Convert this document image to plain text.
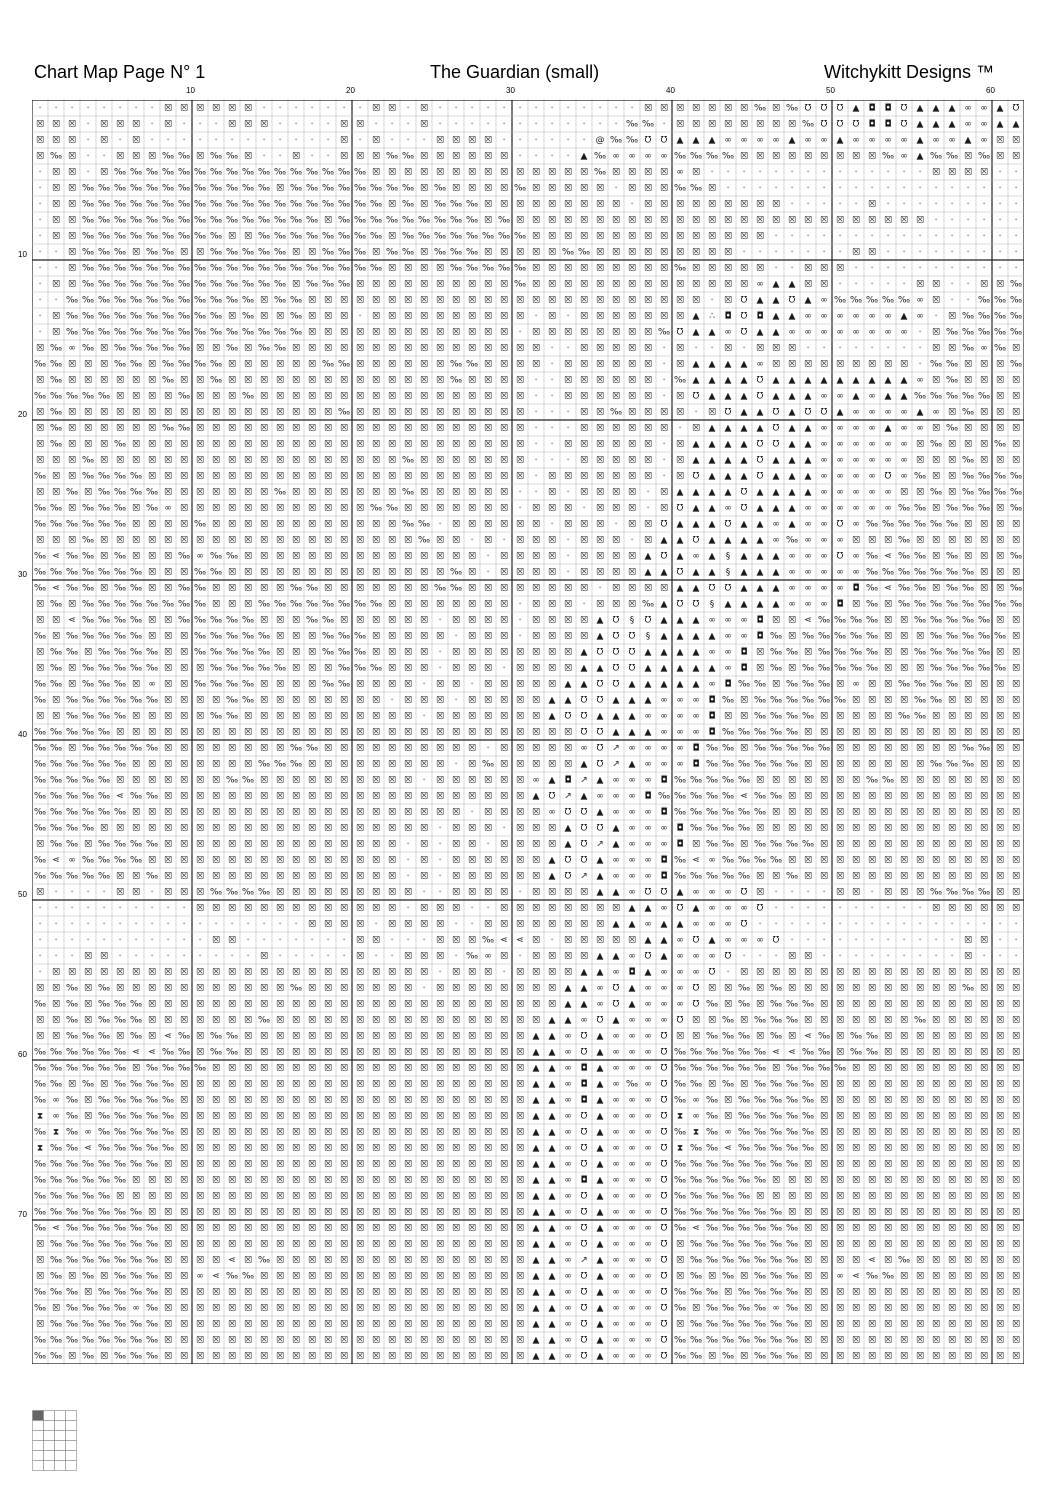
Chart Map Page N° 1	The Guardian (small)	Witchykitt Designs ™
10	20	30	40	50	60
10
20
30
40
50
60
70
· · · · · · · · ☒ ☒ ☒ ☒ ☒ ☒ · · · · · · · ☒ ☒ · ☒ · · · · · · · · · · · · · ☒ ☒ ☒ ☒ ☒ ☒ ☒ ‰ ☒ ‰ ℧ ℧ ℧ ▲ ◘ ◘ ℧ ▲ ▲ ▲ ∞ ∞ ▲ ℧
☒ ☒ ☒ · ☒ ☒ ☒ · ☒ · · · ☒ ☒ ☒ · · · · ☒ ☒ · · · ☒ · · · · · · · · · · · · ‰ ‰ · ☒ ☒ ☒ ☒ ☒ ☒ ☒ ☒ ‰ ℧ ℧ ℧ ◘ ◘ ℧ ▲ ▲ ▲ ∞ ∞ ▲ ▲
☒ ☒ ☒ · ☒ · ☒ · · · · · · · · · · · · ☒ · ☒ · · · ☒ ☒ ☒ ☒ · · · · · · @ ‰ ‰ ℧ ℧ ▲ ▲ ▲ ∞ ∞ ∞ ∞ ▲ ∞ ∞ ▲ ∞ ∞ ∞ ∞ ▲ ∞ ∞ ▲ ∞ ☒ ☒
☒ ‰ ☒ · · ☒ ☒ ☒ ‰ ‰ ☒ ‰ ‰ ☒ · · ☒ · · ☒ ☒ ☒ ‰ ‰ ☒ ☒ ☒ ☒ ☒ ☒ · · · · ▲ ‰ ∞ ∞ ∞ ∞ ‰ ‰ ‰ ‰ ☒ ☒ ☒ ☒ ☒ ☒ ☒ ☒ ☒ ‰ ∞ ▲ ‰ ‰ ☒ ‰ ☒ ☒
· ☒ ☒ · ☒ ‰ ‰ ‰ ‰ ‰ ‰ ‰ ‰ ‰ ‰ ‰ ‰ ‰ ‰ ‰ ‰ ☒ ☒ ☒ ☒ ☒ ☒ ☒ ☒ ☒ ☒ ☒ ☒ ☒ ☒ ‰ ☒ ☒ ☒ ☒ ∞ ☒ · · · · · · · · · · · · · · ☒ ☒ ☒ ☒ · ·
· ☒ ☒ ‰ ‰ ‰ ‰ ‰ ‰ ‰ ‰ ‰ ‰ ‰ ‰ ☒ ‰ ‰ ‰ ‰ ‰ ‰ ‰ ‰ ☒ ‰ ☒ ☒ ☒ ☒ ‰ ☒ ☒ ☒ ☒ ☒ · ☒ ☒ ☒ ‰ ‰ ☒ · · · · · · · · · · · · · · · · · · ·
· ☒ ☒ ‰ ‰ ‰ ‰ ‰ ‰ ‰ ‰ ‰ ‰ ‰ ‰ ‰ ‰ ‰ ‰ ‰ ‰ ‰ ☒ ‰ ☒ ‰ ‰ ‰ ☒ ☒ ☒ ☒ ☒ ☒ ☒ ☒ ☒ · ☒ ☒ ☒ ☒ ☒ ☒ ☒ ☒ ☒ · · · · · ☒ · · · · · · · · ·
· ☒ ☒ ‰ ‰ ‰ ‰ ‰ ‰ ‰ ‰ ‰ ‰ ‰ ‰ ‰ ‰ ‰ ☒ ‰ ‰ ‰ ‰ ‰ ‰ ‰ ‰ ‰ ☒ ‰ ☒ ☒ ☒ ☒ ☒ ☒ ☒ ☒ ☒ ☒ ☒ ☒ ☒ ☒ ☒ ☒ ☒ ☒ ☒ ☒ ☒ ☒ ☒ ☒ ☒ ☒ · · · · · ·
· ☒ ☒ ‰ ‰ ‰ ‰ ‰ ‰ ‰ ‰ ‰ ☒ ☒ ‰ ‰ ‰ ‰ ‰ ‰ ‰ ‰ ☒ ‰ ‰ ‰ ‰ ‰ ‰ ‰ ‰ ☒ ☒ ☒ ☒ ☒ ☒ ☒ ☒ ☒ ☒ ☒ ☒ ☒ ☒ ☒ · · · · · · · · · · · · · · · ·
· · ☒ ‰ ‰ ‰ ☒ ‰ ‰ ☒ ☒ ‰ ‰ ‰ ‰ ‰ ☒ ☒ ‰ ‰ ‰ ☒ ‰ ‰ ☒ ‰ ‰ ‰ ☒ ☒ ☒ ☒ ☒ ‰ ‰ ☒ ☒ ☒ ☒ ☒ ☒ ☒ ☒ ☒ · · · · · · · ☒ ☒ · · · · · · · · ·
· · ☒ ‰ ‰ ‰ ‰ ‰ ‰ ‰ ‰ ‰ ‰ ‰ ‰ ‰ ‰ ‰ ‰ ‰ ‰ ‰ ☒ ☒ ☒ ☒ ‰ ‰ ‰ ‰ ‰ ☒ ☒ ☒ ☒ ☒ ☒ ☒ ☒ ☒ ‰ ☒ ☒ ☒ ☒ ☒ · · ☒ ☒ ☒ · · · · · · · · · · ·
· ☒ ☒ ‰ ‰ ‰ ‰ ‰ ‰ ‰ ‰ ‰ ‰ ‰ ‰ ‰ ☒ ‰ ‰ ‰ ☒ ☒ ☒ ☒ ☒ ☒ ☒ ☒ ☒ ☒ ‰ ☒ ☒ ☒ ☒ ☒ ☒ ☒ ☒ ☒ ☒ ☒ ☒ ☒ ☒ ∞ ▲ ▲ ☒ ☒ · · · · · ☒ ☒ · · ☒ ☒ ‰
· · ‰ ‰ ‰ ‰ ‰ ‰ ‰ ‰ ‰ ‰ ‰ ‰ ☒ ‰ ‰ ☒ ☒ ☒ ☒ ☒ ☒ ☒ ☒ ☒ ☒ ☒ ☒ ☒ ☒ ☒ ☒ ☒ ☒ ☒ ☒ ☒ ☒ ☒ ☒ ☒ · ☒ ℧ ▲ ▲ ℧ ▲ ∞ ‰ ‰ ‰ ‰ ‰ ∞ ☒ · · ‰ ‰ ‰
· ☒ ‰ ‰ ‰ ‰ ‰ ‰ ‰ ‰ ‰ ‰ ☒ ‰ ☒ ☒ ‰ ☒ ☒ ☒ · ☒ ☒ ☒ ☒ ☒ ☒ ☒ ☒ ☒ ☒ · ☒ · ☒ ☒ ☒ ☒ ☒ ☒ ☒ ▲ ∴ ◘ ℧ ◘ ▲ ▲ ∞ ∞ ∞ ∞ ∞ ∞ ▲ ∞ · ☒ ‰ ‰ ‰ ‰
· ☒ ‰ ‰ ‰ ‰ ‰ ‰ ‰ ‰ ‰ ‰ ‰ ‰ ‰ ‰ ‰ ☒ ☒ ☒ ☒ ☒ ☒ ☒ ☒ ☒ ☒ ☒ ☒ ☒ · ☒ ☒ ☒ ☒ ☒ ☒ ☒ ☒ ‰ ℧ ▲ ▲ ∞ ℧ ▲ ▲ ∞ ∞ ∞ ∞ ∞ ∞ ∞ ∞ · ☒ ‰ ‰ ‰ ‰ ‰
☒ ‰ ∞ ‰ ☒ ‰ ‰ ‰ ‰ ‰ ☒ ☒ ‰ ☒ ‰ ‰ ☒ ☒ ☒ ☒ ☒ ☒ ☒ ☒ ☒ ☒ ☒ ☒ ☒ ☒ ☒ ☒ · · ☒ ☒ ☒ ☒ ☒ · ☒ · · ☒ · ☒ ☒ ☒ · · · · · · · · ☒ ☒ ‰ ∞ ‰ ☒
‰ ‰ ☒ ☒ ☒ ‰ ‰ ☒ ‰ ‰ ‰ ‰ ☒ ☒ ☒ ☒ ☒ ☒ ‰ ‰ ☒ ☒ ☒ ☒ ☒ ☒ ‰ ‰ ☒ ☒ ☒ ☒ · ☒ ☒ ☒ ☒ ☒ ☒ · ☒ ▲ ▲ ▲ ▲ ∞ ☒ ☒ ☒ ☒ ☒ ☒ ☒ ☒ ☒ · ‰ ‰ ☒ ☒ ☒ ‰
☒ ‰ ☒ ☒ ☒ ☒ ☒ ☒ ‰ ☒ ☒ ‰ ☒ ☒ ☒ ☒ ☒ ☒ ☒ ☒ ☒ ☒ ☒ ☒ ☒ ☒ ‰ ☒ ☒ ☒ ☒ · · ☒ ☒ ☒ ☒ ☒ ☒ · ‰ ▲ ▲ ▲ ▲ ℧ ▲ ▲ ▲ ▲ ▲ ▲ ▲ ▲ ▲ ∞ ☒ ‰ ☒ ☒ ☒ ☒
‰ ‰ ‰ ‰ ‰ ☒ ☒ ☒ ☒ ‰ ☒ ☒ ☒ ‰ ☒ ☒ ☒ ☒ ☒ ☒ ☒ ☒ ☒ ☒ ☒ ☒ ☒ ☒ ☒ ☒ ☒ · · ☒ ☒ ☒ ☒ ☒ ☒ · ☒ ℧ ▲ ▲ ▲ ℧ ▲ ▲ ▲ ∞ ∞ ▲ ∞ ▲ ▲ ‰ ‰ ‰ ‰ ‰ ☒ ☒
☒ ‰ ☒ ☒ ☒ ☒ ☒ ☒ ☒ ☒ ☒ ☒ ☒ ☒ ☒ ☒ ☒ ☒ ☒ ‰ ☒ ☒ ☒ ☒ ☒ ☒ ☒ ☒ ☒ ☒ ☒ · · · ☒ ☒ ‰ ☒ ☒ ☒ ☒ · ☒ ℧ ▲ ▲ ℧ ▲ ℧ ℧ ▲ ∞ ∞ ∞ ∞ ▲ ∞ ☒ ‰ ☒ ☒ ☒
☒ ‰ ☒ ☒ ☒ ☒ ☒ ☒ ‰ ‰ ☒ ☒ ☒ ☒ ☒ ☒ ☒ ☒ ☒ ☒ ☒ ☒ ☒ ☒ ☒ ☒ ☒ ☒ ☒ ☒ ☒ · · · ☒ ☒ ☒ ☒ ☒ ☒ · ☒ ▲ ▲ ▲ ▲ ℧ ▲ ▲ ∞ ∞ ∞ ∞ ▲ ∞ ∞ ☒ ‰ ☒ ☒ ☒ ☒
☒ ‰ ☒ ☒ ☒ ‰ ☒ ☒ ☒ ☒ ☒ ☒ ☒ ☒ ☒ ☒ ☒ ☒ ☒ ☒ ☒ ☒ ☒ ☒ ☒ ☒ ☒ ☒ ☒ ☒ ☒ · · ☒ ☒ ☒ ☒ ☒ ☒ · ☒ ▲ ▲ ▲ ▲ ℧ ℧ ▲ ▲ ∞ ∞ ∞ ∞ ∞ ∞ ☒ ‰ ☒ ☒ ☒ ‰ ☒
☒ ☒ ☒ ‰ ☒ ☒ ☒ ☒ ☒ ☒ ☒ ☒ ☒ ☒ ☒ ☒ ☒ ☒ ☒ ☒ ☒ ☒ ☒ ‰ ☒ ☒ ☒ ☒ ☒ ☒ ☒ · · · ☒ ☒ ☒ ☒ ☒ · ☒ ▲ ▲ ▲ ▲ ℧ ▲ ▲ ▲ ∞ ∞ ∞ ∞ ∞ ∞ ☒ ☒ ☒ ‰ ☒ ☒ ☒
‰ ☒ ☒ ‰ ‰ ‰ ‰ ☒ ☒ ☒ ☒ ☒ ☒ ☒ ☒ ☒ ☒ ☒ ☒ ☒ ☒ ☒ ☒ ☒ ☒ ☒ ☒ ☒ ☒ ☒ ☒ · ☒ ☒ ☒ ☒ ☒ ☒ ☒ · ☒ ℧ ▲ ▲ ▲ ℧ ▲ ▲ ▲ ∞ ∞ ∞ ∞ ℧ ∞ ‰ ☒ ☒ ‰ ‰ ‰ ‰
☒ ☒ ‰ ☒ ‰ ‰ ‰ ‰ ☒ ☒ ☒ ☒ ☒ ☒ ☒ ‰ ☒ ☒ ☒ ☒ ☒ ☒ ☒ ‰ ☒ ☒ ☒ ☒ ☒ ☒ · · ☒ · ☒ ☒ ☒ ☒ · ☒ ▲ ▲ ▲ ▲ ℧ ▲ ▲ ▲ ▲ ∞ ∞ ∞ ∞ ∞ ☒ ☒ ‰ ☒ ‰ ‰ ‰ ‰
‰ ‰ ☒ ‰ ‰ ‰ ☒ ‰ ∞ ☒ ☒ ☒ ☒ ☒ ☒ ☒ ☒ ☒ ☒ ☒ ☒ ‰ ‰ ☒ ☒ ☒ ☒ ☒ ☒ ☒ · ☒ ☒ ☒ · ☒ ☒ ☒ · ☒ ℧ ▲ ▲ ∞ ℧ ▲ ▲ ▲ ∞ ∞ ∞ ∞ ∞ ∞ ‰ ‰ ☒ ‰ ‰ ‰ ☒ ‰
‰ ‰ ‰ ‰ ‰ ‰ ☒ ☒ ☒ ☒ ‰ ☒ ☒ ☒ ☒ ☒ ☒ ☒ ☒ ☒ ☒ ☒ ☒ ‰ ‰ · ☒ ☒ ☒ ☒ ☒ ☒ · ☒ ☒ ☒ · ☒ ☒ ℧ ▲ ▲ ▲ ℧ ▲ ▲ ∞ ▲ ∞ ∞ ℧ ∞ ‰ ‰ ‰ ‰ ‰ ‰ ☒ ☒ ☒ ☒
☒ ☒ ☒ ‰ ☒ ☒ ☒ ☒ ☒ ☒ ☒ ☒ ☒ ☒ ☒ ☒ ☒ ☒ ☒ ☒ ☒ ☒ ☒ ☒ ‰ ☒ ☒ · ☒ · ☒ ☒ ☒ · ☒ ☒ ☒ · ☒ ▲ ▲ ℧ ▲ ▲ ▲ ▲ ∞ ‰ ∞ ∞ ∞ ☒ ☒ ☒ ‰ ☒ ☒ ☒ ☒ ☒ ☒ ☒
‰ ⋖ ‰ ‰ ☒ ‰ ☒ ☒ ☒ ‰ ∞ ‰ ‰ ☒ ☒ ☒ ☒ ☒ ☒ ☒ ☒ ☒ ☒ ☒ ☒ ☒ ☒ ☒ · ☒ ☒ ☒ ☒ · ☒ ☒ ☒ ☒ ▲ ℧ ▲ ∞ ▲ § ▲ ▲ ▲ ∞ ∞ ∞ ℧ ∞ ‰ ⋖ ‰ ‰ ☒ ‰ ☒ ☒ ☒ ‰
‰ ‰ ‰ ‰ ‰ ‰ ‰ ☒ ☒ ☒ ‰ ‰ ☒ ☒ ☒ ☒ ☒ ☒ ☒ ☒ ☒ ☒ ☒ ☒ ☒ ☒ ‰ ☒ · ☒ ☒ ☒ ☒ · ☒ ☒ ☒ ☒ ▲ ▲ ℧ ▲ ▲ § ▲ ▲ ▲ ∞ ∞ ∞ ∞ ∞ ‰ ‰ ‰ ‰ ‰ ‰ ‰ ☒ ☒ ☒
‰ ⋖ ‰ ‰ ☒ ‰ ‰ ☒ ☒ ‰ ‰ ☒ ☒ ☒ ☒ ☒ ‰ ‰ ☒ ☒ ☒ ☒ ☒ ☒ ☒ ‰ ‰ ☒ ☒ ☒ ☒ ☒ ☒ ☒ ☒ · ☒ ☒ ☒ ☒ ▲ ▲ ℧ ℧ ▲ ▲ ▲ ∞ ∞ ∞ ∞ ◘ ‰ ⋖ ‰ ‰ ☒ ‰ ‰ ☒ ☒ ‰
☒ ‰ ☒ ‰ ‰ ‰ ‰ ‰ ‰ ‰ ‰ ☒ ☒ ☒ ‰ ‰ ‰ ‰ ‰ ‰ ‰ ‰ ☒ ☒ ☒ ☒ ☒ ☒ ☒ ☒ · ☒ ☒ ☒ · ☒ ☒ ☒ ‰ ▲ ℧ ℧ § ▲ ▲ ▲ ▲ ∞ ∞ ∞ ◘ ☒ ‰ ☒ ‰ ‰ ‰ ‰ ‰ ‰ ‰ ‰
☒ ☒ ⋖ ‰ ‰ ‰ ‰ ☒ ☒ ‰ ‰ ‰ ‰ ‰ ☒ ☒ ☒ ‰ ‰ ☒ ☒ ☒ ☒ ☒ ☒ · ☒ ☒ ☒ ☒ · ☒ ☒ ☒ ☒ ▲ ℧ § ℧ ▲ ▲ ▲ ∞ ∞ ∞ ◘ ☒ ☒ ⋖ ‰ ‰ ‰ ‰ ☒ ☒ ‰ ‰ ‰ ‰ ‰ ☒ ☒
‰ ☒ ‰ ‰ ‰ ‰ ‰ ☒ ☒ ☒ ‰ ‰ ‰ ‰ ‰ ☒ ☒ ☒ ‰ ‰ ‰ ☒ ☒ ☒ ☒ ☒ · ☒ ☒ ☒ · ☒ ☒ ☒ ☒ ▲ ℧ ℧ § ▲ ▲ ▲ ▲ ∞ ∞ ◘ ‰ ☒ ‰ ‰ ‰ ‰ ‰ ☒ ☒ ☒ ‰ ‰ ‰ ‰ ‰ ☒
☒ ‰ ‰ ☒ ‰ ‰ ‰ ‰ ☒ ☒ ‰ ‰ ‰ ‰ ‰ ☒ ☒ ☒ ‰ ‰ ‰ ☒ ☒ ☒ ☒ · ☒ ☒ ☒ ☒ ☒ ☒ ☒ ☒ ▲ ℧ ℧ ℧ ▲ ▲ ▲ ▲ ∞ ∞ ◘ ☒ ‰ ‰ ☒ ‰ ‰ ‰ ‰ ☒ ☒ ‰ ‰ ‰ ‰ ‰ ☒ ☒
☒ ‰ ☒ ‰ ‰ ‰ ‰ ‰ ☒ ☒ ☒ ‰ ‰ ‰ ‰ ‰ ☒ ☒ ☒ ‰ ‰ ‰ ☒ ☒ ☒ · ☒ ☒ ☒ · ☒ ☒ ☒ ☒ ▲ ▲ ℧ ℧ ▲ ▲ ▲ ▲ ▲ ∞ ◘ ☒ ‰ ☒ ‰ ‰ ‰ ‰ ‰ ☒ ☒ ☒ ‰ ‰ ‰ ‰ ‰ ☒
‰ ‰ ☒ ‰ ‰ ‰ ☒ ∞ ☒ ☒ ‰ ‰ ‰ ‰ ☒ ☒ ☒ ☒ ‰ ‰ ☒ ☒ ☒ ☒ · ☒ ☒ · ☒ ☒ ☒ ☒ ☒ ▲ ▲ ℧ ℧ ▲ ▲ ▲ ▲ ▲ ∞ ◘ ‰ ‰ ☒ ‰ ‰ ‰ ☒ ∞ ☒ ☒ ‰ ‰ ‰ ‰ ☒ ☒ ☒ ☒
‰ ☒ ‰ ‰ ‰ ‰ ‰ ‰ ☒ ☒ ☒ ☒ ‰ ‰ ☒ ☒ ☒ ☒ ☒ ☒ ☒ ☒ · ☒ ☒ ☒ · ☒ ☒ ☒ ☒ ☒ ▲ ▲ ℧ ℧ ▲ ▲ ▲ ∞ ∞ ∞ ◘ ‰ ☒ ‰ ‰ ‰ ‰ ‰ ‰ ☒ ☒ ☒ ☒ ‰ ‰ ☒ ☒ ☒ ☒ ☒
☒ ☒ ‰ ‰ ‰ ‰ ☒ ☒ ☒ ☒ ☒ ‰ ‰ ☒ ☒ ☒ ☒ ☒ ☒ ☒ ☒ ☒ ☒ ☒ · ☒ ☒ ☒ ☒ ☒ ☒ ☒ ▲ ℧ ℧ ▲ ▲ ▲ ∞ ∞ ∞ ∞ ◘ ☒ ☒ ‰ ‰ ‰ ‰ ☒ ☒ ☒ ☒ ☒ ‰ ‰ ☒ ☒ ☒ ☒ ☒ ☒
‰ ‰ ‰ ‰ ‰ ☒ ☒ ☒ ☒ ☒ ☒ ☒ ☒ ☒ ☒ ☒ ☒ ☒ ☒ ☒ ☒ ☒ ☒ ☒ ☒ ☒ ☒ ☒ ☒ ☒ ☒ ☒ ☒ ☒ ℧ ℧ ▲ ▲ ▲ ∞ ∞ ∞ ◘ ‰ ‰ ‰ ‰ ‰ ☒ ☒ ☒ ☒ ☒ ☒ ☒ ☒ ☒ ☒ ☒ ☒ ☒ ☒
‰ ‰ ☒ ‰ ‰ ‰ ‰ ‰ ☒ ☒ ☒ ☒ ☒ ☒ ☒ ☒ ‰ ‰ ☒ ☒ ☒ ☒ ☒ ☒ ☒ ☒ ☒ ☒ · ☒ ☒ ☒ ☒ ☒ ∞ ℧ ↗ ∞ ∞ ∞ ∞ ◘ ‰ ‰ ☒ ‰ ‰ ‰ ‰ ‰ ☒ ☒ ☒ ☒ ☒ ☒ ☒ ☒ ‰ ‰ ☒ ☒
‰ ‰ ‰ ‰ ‰ ‰ ☒ ☒ ☒ ☒ ☒ ☒ ☒ ☒ ‰ ‰ ‰ ☒ ☒ ☒ ☒ ☒ ☒ ☒ ☒ ☒ · ☒ ‰ ☒ ☒ ☒ ☒ ☒ ▲ ℧ ↗ ▲ ∞ ∞ ∞ ◘ ‰ ‰ ‰ ‰ ‰ ‰ ☒ ☒ ☒ ☒ ☒ ☒ ☒ ☒ ‰ ‰ ‰ ☒ ☒ ☒
‰ ‰ ‰ ‰ ‰ ☒ ☒ ☒ ☒ ☒ ☒ ☒ ‰ ‰ ☒ ☒ ☒ ☒ ☒ ☒ ☒ ☒ ☒ ☒ · ☒ ☒ ☒ ☒ ☒ ☒ ∞ ▲ ◘ ↗ ▲ ∞ ∞ ∞ ◘ ‰ ‰ ‰ ‰ ‰ ☒ ☒ ☒ ☒ ☒ ☒ ☒ ‰ ‰ ☒ ☒ ☒ ☒ ☒ ☒ ☒ ☒
‰ ‰ ‰ ‰ ‰ ⋖ ‰ ‰ ☒ ☒ ☒ ☒ ☒ ☒ ☒ ☒ ☒ ☒ ☒ ☒ ☒ ☒ ☒ ☒ ☒ ☒ ☒ ☒ ☒ ☒ ☒ ▲ ℧ ↗ ▲ ∞ ∞ ∞ ◘ ‰ ‰ ‰ ‰ ‰ ⋖ ‰ ‰ ☒ ☒ ☒ ☒ ☒ ☒ ☒ ☒ ☒ ☒ ☒ ☒ ☒ ☒ ☒
‰ ‰ ‰ ‰ ‰ ‰ ☒ ☒ ☒ ☒ ☒ ☒ ☒ ☒ ☒ ☒ ☒ ☒ ☒ ☒ ☒ ☒ ☒ ☒ ☒ ☒ ☒ · ☒ ☒ ☒ ☒ ∞ ℧ ℧ ▲ ∞ ∞ ∞ ◘ ‰ ‰ ‰ ‰ ‰ ‰ ☒ ☒ ☒ ☒ ☒ ☒ ☒ ☒ ☒ ☒ ☒ ☒ ☒ ☒ ☒ ☒
‰ ‰ ‰ ‰ ☒ ☒ ☒ ☒ ☒ ☒ ☒ ☒ ☒ ☒ ☒ ☒ ☒ ☒ ☒ ☒ ☒ ☒ ☒ ☒ ☒ · ☒ ☒ ☒ · ☒ ☒ ☒ ▲ ℧ ℧ ▲ ∞ ∞ ∞ ◘ ‰ ‰ ‰ ‰ ☒ ☒ ☒ ☒ ☒ ☒ ☒ ☒ ☒ ☒ ☒ ☒ ☒ ☒ ☒ ☒ ☒
☒ ‰ ‰ ☒ ‰ ‰ ‰ ‰ ☒ ☒ ☒ ☒ ☒ ☒ ☒ ☒ ☒ ☒ ☒ ☒ ☒ ☒ ☒ · ☒ · ☒ ☒ · ☒ ☒ ☒ ☒ ▲ ℧ ↗ ▲ ∞ ∞ ∞ ◘ ☒ ‰ ‰ ☒ ‰ ‰ ‰ ‰ ☒ ☒ ☒ ☒ ☒ ☒ ☒ ☒ ☒ ☒ ☒ ☒ ☒
‰ ⋖ ∞ ‰ ‰ ‰ ‰ ☒ ☒ ☒ ☒ ☒ ☒ ☒ ☒ ☒ ☒ ☒ ☒ ☒ ☒ ☒ ☒ · ☒ · ☒ ☒ ☒ ☒ ☒ ☒ ▲ ℧ ℧ ▲ ∞ ∞ ∞ ◘ ‰ ⋖ ∞ ‰ ‰ ‰ ‰ ☒ ☒ ☒ ☒ ☒ ☒ ☒ ☒ ☒ ☒ ☒ ☒ ☒ ☒ ☒
‰ ‰ ‰ ‰ ‰ ☒ ☒ ‰ ☒ ☒ ☒ ☒ ☒ ☒ ☒ ☒ ☒ ☒ ☒ ☒ ☒ ☒ ☒ · ☒ · ☒ ☒ ☒ ☒ ☒ ☒ ▲ ℧ ↗ ▲ ∞ ∞ ∞ ◘ ‰ ‰ ‰ ‰ ‰ ☒ ☒ ‰ ☒ ☒ ☒ ☒ ☒ ☒ ☒ ☒ ☒ ☒ ☒ ☒ ☒ ☒
☒ · · · · ☒ ☒ · ☒ ☒ ☒ ‰ ‰ ‰ ‰ ☒ ☒ ☒ ☒ ☒ ☒ ☒ ☒ ☒ · · ☒ ☒ ☒ ☒ · ☒ ☒ ☒ ☒ ▲ ▲ ∞ ℧ ℧ ▲ ∞ ∞ ∞ ℧ ☒ · · · · ☒ ☒ · ☒ ☒ ☒ ‰ ‰ ‰ ‰ ☒ ☒
· · · · · · · · · · ☒ ☒ ☒ ☒ ☒ ☒ ☒ ☒ ☒ ☒ ☒ ☒ ☒ · ☒ ☒ ☒ · · ☒ ☒ ☒ ☒ ☒ ☒ ☒ ☒ ▲ ▲ ∞ ℧ ▲ ∞ ∞ ∞ ℧ · · · · · · · · · · ☒ ☒ ☒ ☒ ☒ ☒
· · · · · · · · · · · · · · · · · ☒ ☒ ☒ ☒ · ☒ ☒ ☒ ☒ · · ☒ ☒ ☒ ☒ ☒ ☒ ☒ ☒ ▲ ▲ ∞ ▲ ▲ ∞ ∞ ∞ ℧ · · · · · · · · · · · · · · · · ·
· · · · · · · · · · · ☒ ☒ · · · · · · · ☒ ☒ · · · ☒ ☒ ☒ ‰ ⋖ ⋖ ☒ · ☒ ☒ ☒ ☒ ☒ ▲ ▲ ∞ ℧ ▲ ∞ ∞ ∞ ℧ · · · · · · · · · · · ☒ ☒ · ·
· · · ☒ ☒ · · · · · · · · · ☒ · · · · · ☒ · · ☒ ☒ ☒ · ‰ ∞ ☒ · ☒ ☒ ☒ ☒ ▲ ▲ ∞ ℧ ▲ ∞ ∞ ∞ ℧ · · · ☒ ☒ · · · · · · · · · ☒ · · ·
· ☒ ☒ ☒ ☒ ☒ ☒ ☒ ☒ ☒ ☒ ☒ ☒ ☒ ☒ ☒ ☒ ☒ ☒ ☒ ☒ ☒ ☒ ☒ ☒ · ☒ ☒ ☒ · ☒ ☒ ☒ ☒ ▲ ▲ ∞ ◘ ▲ ∞ ∞ ∞ ℧ · ☒ ☒ ☒ ☒ ☒ ☒ ☒ ☒ ☒ ☒ ☒ ☒ ☒ ☒ ☒ ☒ ☒ ☒
☒ ☒ ‰ ☒ ‰ ☒ ☒ ☒ ☒ ☒ ☒ ☒ ☒ ☒ ☒ ☒ ‰ ☒ ☒ ☒ ☒ ☒ ☒ ☒ · ☒ ☒ ☒ ☒ ☒ ☒ ☒ ☒ ▲ ▲ ∞ ℧ ▲ ∞ ∞ ∞ ℧ ☒ ☒ ‰ ☒ ‰ ☒ ☒ ☒ ☒ ☒ ☒ ☒ ☒ ☒ ☒ ☒ ‰ ☒ ☒ ☒
‰ ☒ ‰ ☒ ‰ ‰ ‰ ☒ ☒ ☒ ☒ ☒ ☒ ☒ ☒ ☒ ☒ ☒ ☒ ☒ ☒ ☒ ☒ ☒ ☒ ☒ ☒ ☒ ☒ ☒ ☒ ☒ ☒ ▲ ▲ ∞ ℧ ▲ ∞ ∞ ∞ ℧ ‰ ☒ ‰ ☒ ‰ ‰ ‰ ☒ ☒ ☒ ☒ ☒ ☒ ☒ ☒ ☒ ☒ ☒ ☒ ☒
☒ ☒ ‰ ☒ ‰ ‰ ‰ ☒ ☒ ☒ ☒ ☒ ☒ ☒ ‰ ☒ ☒ ☒ ☒ ☒ ☒ ☒ ☒ ☒ ☒ ☒ ☒ ☒ ☒ ☒ ☒ ☒ ▲ ▲ ∞ ℧ ▲ ∞ ∞ ∞ ℧ ☒ ☒ ‰ ☒ ‰ ‰ ‰ ☒ ☒ ☒ ☒ ☒ ☒ ☒ ‰ ☒ ☒ ☒ ☒ ☒ ☒
☒ ☒ ‰ ‰ ‰ ☒ ‰ ☒ ⋖ ‰ ☒ ‰ ‰ ☒ ☒ ☒ ☒ ☒ ☒ ☒ ☒ ☒ ☒ ☒ ☒ ☒ ☒ ☒ ☒ ☒ ☒ ▲ ▲ ∞ ℧ ▲ ∞ ∞ ∞ ℧ ☒ ☒ ‰ ‰ ‰ ☒ ‰ ☒ ⋖ ‰ ☒ ‰ ‰ ☒ ☒ ☒ ☒ ☒ ☒ ☒ ☒ ☒
‰ ‰ ‰ ‰ ‰ ‰ ⋖ ⋖ ‰ ‰ ☒ ‰ ‰ ☒ ☒ ☒ ☒ ☒ ☒ ☒ ☒ ☒ ☒ ☒ ☒ ☒ ☒ ☒ ☒ ☒ ☒ ▲ ▲ ∞ ℧ ▲ ∞ ∞ ∞ ℧ ‰ ‰ ‰ ‰ ‰ ‰ ⋖ ⋖ ‰ ‰ ☒ ‰ ‰ ☒ ☒ ☒ ☒ ☒ ☒ ☒ ☒ ☒
‰ ‰ ‰ ‰ ‰ ‰ ☒ ‰ ‰ ‰ ‰ ☒ ☒ ☒ ☒ ☒ ☒ ☒ ☒ ☒ ☒ ☒ ☒ ☒ ☒ ☒ ☒ ☒ ☒ ☒ ☒ ▲ ▲ ∞ ◘ ▲ ∞ ∞ ∞ ℧ ‰ ‰ ‰ ‰ ‰ ‰ ☒ ‰ ‰ ‰ ‰ ☒ ☒ ☒ ☒ ☒ ☒ ☒ ☒ ☒ ☒ ☒
‰ ‰ ☒ ‰ ☒ ‰ ‰ ‰ ‰ ☒ ☒ ☒ ☒ ☒ ☒ ☒ ☒ ☒ ☒ ☒ ☒ ☒ ☒ ☒ ☒ ☒ ☒ ☒ ☒ ☒ ☒ ▲ ▲ ∞ ◘ ▲ ∞ ‰ ∞ ℧ ‰ ‰ ☒ ‰ ☒ ‰ ‰ ‰ ‰ ☒ ☒ ☒ ☒ ☒ ☒ ☒ ☒ ☒ ☒ ☒ ☒ ☒
‰ ∞ ‰ ☒ ‰ ‰ ‰ ‰ ‰ ☒ ☒ ☒ ☒ ☒ ☒ ☒ ☒ ☒ ☒ ☒ ☒ ☒ ☒ ☒ ☒ ☒ ☒ ☒ ☒ ☒ ☒ ▲ ▲ ∞ ◘ ▲ ∞ ∞ ∞ ℧ ‰ ∞ ‰ ☒ ‰ ‰ ‰ ‰ ‰ ☒ ☒ ☒ ☒ ☒ ☒ ☒ ☒ ☒ ☒ ☒ ☒ ☒
⧗ ∞ ‰ ☒ ‰ ‰ ‰ ‰ ‰ ☒ ☒ ☒ ☒ ☒ ☒ ☒ ☒ ☒ ☒ ☒ ☒ ☒ ☒ ☒ ☒ ☒ ☒ ☒ ☒ ☒ ☒ ▲ ▲ ∞ ℧ ▲ ∞ ∞ ∞ ℧ ⧗ ∞ ‰ ☒ ‰ ‰ ‰ ‰ ‰ ☒ ☒ ☒ ☒ ☒ ☒ ☒ ☒ ☒ ☒ ☒ ☒ ☒
‰ ⧗ ‰ ∞ ‰ ‰ ‰ ‰ ‰ ☒ ☒ ☒ ☒ ☒ ☒ ☒ ☒ ☒ ☒ ☒ ☒ ☒ ☒ ☒ ☒ ☒ ☒ ☒ ☒ ☒ ☒ ▲ ▲ ∞ ℧ ▲ ∞ ∞ ∞ ℧ ‰ ⧗ ‰ ∞ ‰ ‰ ‰ ‰ ‰ ☒ ☒ ☒ ☒ ☒ ☒ ☒ ☒ ☒ ☒ ☒ ☒ ☒
⧗ ‰ ‰ ⋖ ‰ ‰ ‰ ‰ ‰ ☒ ☒ ☒ ☒ ☒ ☒ ☒ ☒ ☒ ☒ ☒ ☒ ☒ ☒ ☒ ☒ ☒ ☒ ☒ ☒ ☒ ☒ ▲ ▲ ∞ ℧ ▲ ∞ ∞ ∞ ℧ ⧗ ‰ ‰ ⋖ ‰ ‰ ‰ ‰ ‰ ☒ ☒ ☒ ☒ ☒ ☒ ☒ ☒ ☒ ☒ ☒ ☒ ☒
‰ ‰ ‰ ‰ ‰ ‰ ‰ ‰ ☒ ☒ ☒ ☒ ☒ ☒ ☒ ☒ ☒ ☒ ☒ ☒ ☒ ☒ ☒ ☒ ☒ ☒ ☒ ☒ ☒ ☒ ☒ ▲ ▲ ∞ ℧ ▲ ∞ ∞ ∞ ℧ ‰ ‰ ‰ ‰ ‰ ‰ ‰ ‰ ☒ ☒ ☒ ☒ ☒ ☒ ☒ ☒ ☒ ☒ ☒ ☒ ☒ ☒
‰ ‰ ‰ ‰ ‰ ‰ ☒ ☒ ☒ ☒ ☒ ☒ ☒ ☒ ☒ ☒ ☒ ☒ ☒ ☒ ☒ ☒ ☒ ☒ ☒ ☒ ☒ ☒ ☒ ☒ ☒ ▲ ▲ ∞ ◘ ▲ ∞ ∞ ∞ ℧ ‰ ‰ ‰ ‰ ‰ ‰ ☒ ☒ ☒ ☒ ☒ ☒ ☒ ☒ ☒ ☒ ☒ ☒ ☒ ☒ ☒ ☒
‰ ‰ ‰ ‰ ‰ ☒ ☒ ☒ ☒ ☒ ☒ ☒ ☒ ☒ ☒ ☒ ☒ ☒ ☒ ☒ ☒ ☒ ☒ ☒ ☒ ☒ ☒ ☒ ☒ ☒ ☒ ▲ ▲ ∞ ℧ ▲ ∞ ∞ ∞ ℧ ‰ ‰ ‰ ‰ ‰ ☒ ☒ ☒ ☒ ☒ ☒ ☒ ☒ ☒ ☒ ☒ ☒ ☒ ☒ ☒ ☒ ☒
‰ ‰ ‰ ‰ ‰ ‰ ‰ ☒ ☒ ☒ ☒ ☒ ☒ ☒ ☒ ☒ ☒ ☒ ☒ ☒ ☒ ☒ ☒ ☒ ☒ ☒ ☒ ☒ ☒ ☒ ☒ ▲ ▲ ∞ ℧ ▲ ∞ ∞ ∞ ℧ ‰ ‰ ‰ ‰ ‰ ‰ ‰ ☒ ☒ ☒ ☒ ☒ ☒ ☒ ☒ ☒ ☒ ☒ ☒ ☒ ☒ ☒
‰ ⋖ ‰ ‰ ‰ ‰ ‰ ‰ ☒ ☒ ☒ ☒ ☒ ☒ ☒ ☒ ☒ ☒ ☒ ☒ ☒ ☒ ☒ ☒ ☒ ☒ ☒ ☒ ☒ ☒ ☒ ▲ ▲ ∞ ℧ ▲ ∞ ∞ ∞ ℧ ‰ ⋖ ‰ ‰ ‰ ‰ ‰ ‰ ☒ ☒ ☒ ☒ ☒ ☒ ☒ ☒ ☒ ☒ ☒ ☒ ☒ ☒
☒ ‰ ‰ ‰ ‰ ‰ ‰ ‰ ☒ ☒ ☒ ☒ ☒ ☒ ☒ ☒ ☒ ☒ ☒ ☒ ☒ ☒ ☒ ☒ ☒ ☒ ☒ ☒ ☒ ☒ ☒ ▲ ▲ ∞ ℧ ▲ ∞ ∞ ∞ ℧ ☒ ‰ ‰ ‰ ‰ ‰ ‰ ‰ ☒ ☒ ☒ ☒ ☒ ☒ ☒ ☒ ☒ ☒ ☒ ☒ ☒ ☒
☒ ‰ ‰ ‰ ‰ ‰ ‰ ‰ ☒ ☒ ☒ ☒ ⋖ ☒ ‰ ☒ ☒ ☒ ☒ ☒ ☒ ☒ ☒ ☒ ☒ ☒ ☒ ☒ ☒ ☒ ☒ ▲ ▲ ∞ ↗ ▲ ∞ ∞ ∞ ℧ ☒ ‰ ‰ ‰ ‰ ‰ ‰ ‰ ☒ ☒ ☒ ☒ ⋖ ☒ ‰ ☒ ☒ ☒ ☒ ☒ ☒ ☒
☒ ‰ ☒ ‰ ☒ ‰ ‰ ‰ ☒ ☒ ∞ ⋖ ‰ ‰ ☒ ☒ ☒ ☒ ☒ ☒ ☒ ☒ ☒ ☒ ☒ ☒ ☒ ☒ ☒ ☒ ☒ ▲ ▲ ∞ ℧ ▲ ∞ ∞ ∞ ℧ ☒ ‰ ☒ ‰ ☒ ‰ ‰ ‰ ☒ ☒ ∞ ⋖ ‰ ‰ ☒ ☒ ☒ ☒ ☒ ☒ ☒ ☒
‰ ‰ ‰ ☒ ‰ ‰ ‰ ‰ ☒ ☒ ☒ ☒ ☒ ☒ ☒ ☒ ☒ ☒ ☒ ☒ ☒ ☒ ☒ ☒ ☒ ☒ ☒ ☒ ☒ ☒ ☒ ▲ ▲ ∞ ℧ ▲ ∞ ∞ ∞ ℧ ‰ ‰ ‰ ☒ ‰ ‰ ‰ ‰ ☒ ☒ ☒ ☒ ☒ ☒ ☒ ☒ ☒ ☒ ☒ ☒ ☒ ☒
‰ ☒ ‰ ‰ ‰ ‰ ∞ ‰ ☒ ☒ ☒ ☒ ☒ ☒ ☒ ☒ ☒ ☒ ☒ ☒ ☒ ☒ ☒ ☒ ☒ ☒ ☒ ☒ ☒ ☒ ☒ ▲ ▲ ∞ ℧ ▲ ∞ ∞ ∞ ℧ ‰ ☒ ‰ ‰ ‰ ‰ ∞ ‰ ☒ ☒ ☒ ☒ ☒ ☒ ☒ ☒ ☒ ☒ ☒ ☒ ☒ ☒
☒ ‰ ‰ ‰ ‰ ‰ ‰ ‰ ☒ ☒ ☒ ☒ ☒ ☒ ☒ ☒ ☒ ☒ ☒ ☒ ☒ ☒ ☒ ☒ ☒ ☒ ☒ ☒ ☒ ☒ ☒ ▲ ▲ ∞ ℧ ▲ ∞ ∞ ∞ ℧ ☒ ‰ ‰ ‰ ‰ ‰ ‰ ‰ ☒ ☒ ☒ ☒ ☒ ☒ ☒ ☒ ☒ ☒ ☒ ☒ ☒ ☒
‰ ‰ ‰ ‰ ‰ ‰ ‰ ‰ ☒ ☒ ☒ ☒ ☒ ☒ ☒ ☒ ☒ ☒ ☒ ☒ ☒ ☒ ☒ ☒ ☒ ☒ ☒ ☒ ☒ ☒ ☒ ▲ ▲ ∞ ℧ ▲ ∞ ∞ ∞ ℧ ‰ ‰ ‰ ‰ ‰ ‰ ‰ ‰ ☒ ☒ ☒ ☒ ☒ ☒ ☒ ☒ ☒ ☒ ☒ ☒ ☒ ☒
‰ ‰ ☒ ‰ ☒ ‰ ‰ ‰ ☒ ☒ ☒ ☒ ☒ ☒ ☒ ☒ ☒ ☒ ☒ ☒ ☒ ☒ ☒ ☒ ☒ ☒ ☒ ☒ ☒ ☒ ☒ ▲ ▲ ∞ ℧ ▲ ∞ ∞ ∞ ℧ ‰ ‰ ☒ ‰ ☒ ‰ ‰ ‰ ☒ ☒ ☒ ☒ ☒ ☒ ☒ ☒ ☒ ☒ ☒ ☒ ☒ ☒
